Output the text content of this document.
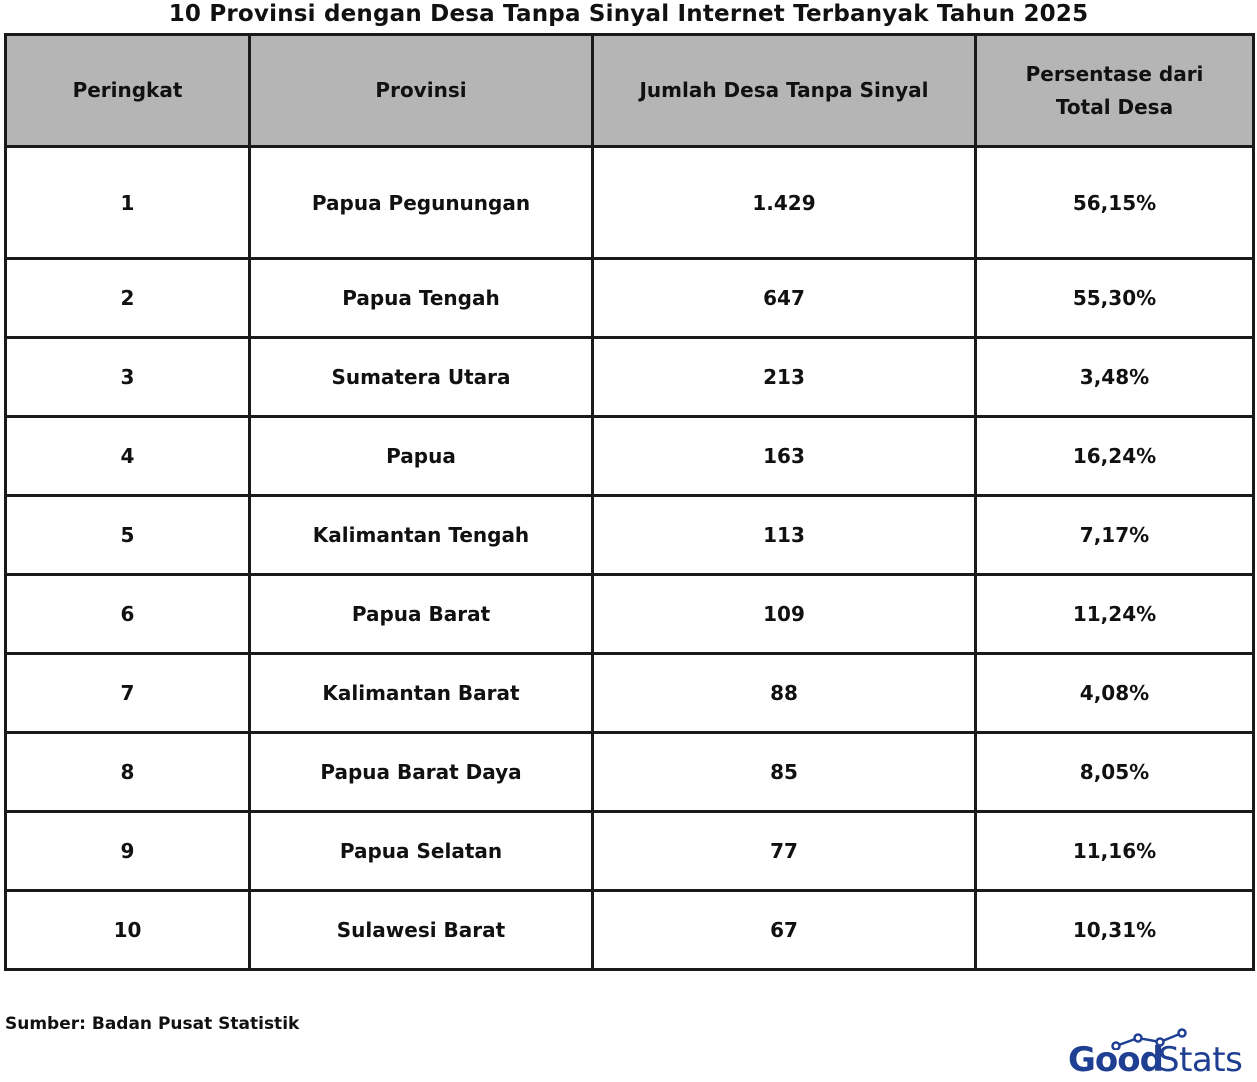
10 Provinsi dengan Desa Tanpa Sinyal Internet Terbanyak Tahun 2025
Peringkat	Provinsi	Jumlah Desa Tanpa Sinyal	Persentase dari
Total Desa
1	Papua Pegunungan	1.429	56,15%
2	Papua Tengah	647	55,30%
3	Sumatera Utara	213	3,48%
4	Papua	163	16,24%
5	Kalimantan Tengah	113	7,17%
6	Papua Barat	109	11,24%
7	Kalimantan Barat	88	4,08%
8	Papua Barat Daya	85	8,05%
9	Papua Selatan	77	11,16%
10	Sulawesi Barat	67	10,31%
Sumber: Badan Pusat Statistik
Good
Stats
